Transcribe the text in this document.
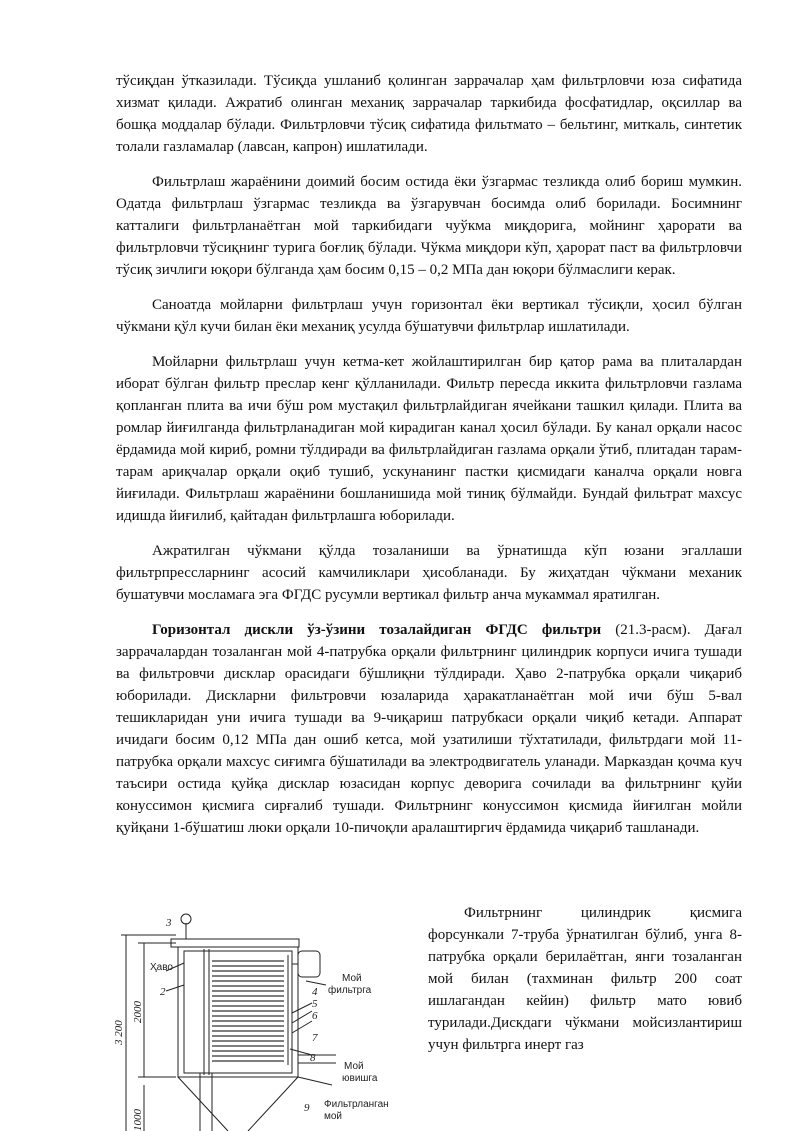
тўсиқдан ўтказилади. Тўсиқда ушланиб қолинган заррачалар ҳам фильтрловчи юза сифатида хизмат қилади. Ажратиб олинган механиқ заррачалар таркибида фосфатидлар, оқсиллар ва бошқа моддалар бўлади. Фильтрловчи тўсиқ сифатида фильтмато – бельтинг, миткаль, синтетик толали газламалар (лавсан, капрон) ишлатилади.

Фильтрлаш жараёнини доимий босим остида ёки ўзгармас тезликда олиб бориш мумкин. Одатда фильтрлаш ўзгармас тезликда ва ўзгарувчан босимда олиб борилади. Босимнинг катталиги фильтрланаётган мой таркибидаги чуўкма миқдорига, мойнинг ҳарорати ва фильтрловчи тўсиқнинг турига боғлиқ бўлади. Чўкма миқдори кўп, ҳарорат паст ва фильтрловчи тўсиқ зичлиги юқори бўлганда ҳам босим 0,15 – 0,2 МПа дан юқори бўлмаслиги керак.

Саноатда мойларни фильтрлаш учун горизонтал ёки вертикал тўсиқли, ҳосил бўлган чўкмани қўл кучи билан ёки механиқ усулда бўшатувчи фильтрлар ишлатилади.

Мойларни фильтрлаш учун кетма-кет жойлаштирилган бир қатор рама ва плиталардан иборат бўлган фильтр преслар кенг қўлланилади. Фильтр пересда иккита фильтрловчи газлама қопланган плита ва ичи бўш ром мустақил фильтрлайдиган ячейкани ташкил қилади. Плита ва ромлар йиғилганда фильтрланадиган мой кирадиган канал ҳосил бўлади. Бу канал орқали насос ёрдамида мой кириб, ромни тўлдиради ва фильтрлайдиган газлама орқали ўтиб, плитадан тарам-тарам ариқчалар орқали оқиб тушиб, ускунанинг пастки қисмидаги каналча орқали новга йиғилади. Фильтрлаш жараёнини бошланишида мой тиниқ бўлмайди. Бундай фильтрат махсус идишда йиғилиб, қайтадан фильтрлашга юборилади.

Ажратилган чўкмани қўлда тозаланиши ва ўрнатишда кўп юзани эгаллаши фильтрпрессларнинг асосий камчиликлари ҳисобланади. Бу жиҳатдан чўкмани механик бушатувчи мосламага эга ФГДС русумли вертикал фильтр анча мукаммал яратилган.

Горизонтал дискли ўз-ўзини тозалайдиган ФГДС фильтри (21.3-расм). Дағал заррачалардан тозаланган мой 4-патрубка орқали фильтрнинг цилиндрик корпуси ичига тушади ва фильтровчи дисклар орасидаги бўшлиқни тўлдиради. Ҳаво 2-патрубка орқали чиқариб юборилади. Дискларни фильтровчи юзаларида ҳаракатланаётган мой ичи бўш 5-вал тешикларидан уни ичига тушади ва 9-чиқариш патрубкаси орқали чиқиб кетади. Аппарат ичидаги босим 0,12 МПа дан ошиб кетса, мой узатилиши тўхтатилади, фильтрдаги мой 11-патрубка орқали махсус сиғимга бўшатилади ва электродвигатель уланади. Марказдан қочма куч таъсири остида қуйқа дисклар юзасидан корпус деворига сочилади ва фильтрнинг қуйи конуссимон қисмига сирғалиб тушади. Фильтрнинг конуссимон қисмида йиғилган мойли қуйқани 1-бўшатиш люки орқали 10-пичоқли аралаштиргич ёрдамида чиқариб ташланади.

3 200
2000
1000
Ҳаво
Мой
фильтрга
Мой
ювишга
Фильтрланган
мой
3
2	4
5
6
7
8
9

Фильтрнинг цилиндрик қисмига форсункали 7-труба ўрнатилган бўлиб, унга 8-патрубка орқали берилаётган, янги тозаланган мой билан (тахминан фильтр 200 соат ишлагандан кейин) фильтр мато ювиб турилади.Дискдаги чўкмани мойсизлантириш учун фильтрга инерт газ
